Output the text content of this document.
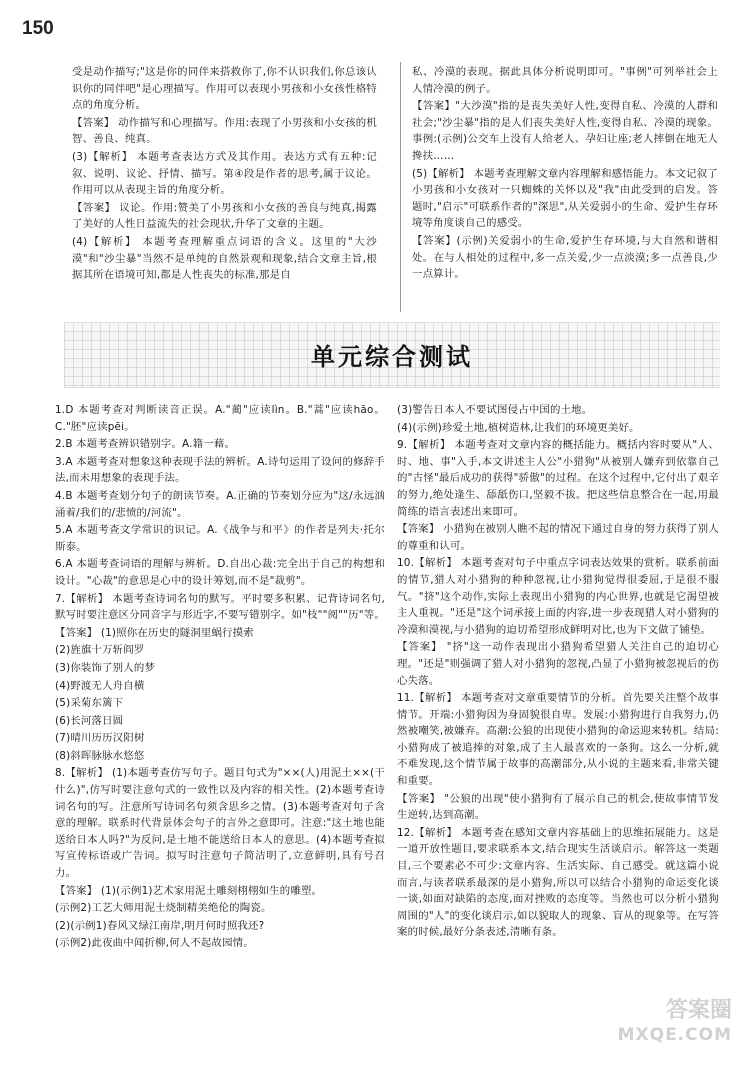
150

受是动作描写;"这是你的同伴来搭救你了,你不认识我们,你总该认识你的同伴吧"是心理描写。作用可以表现小男孩和小女孩性格特点的角度分析。

【答案】 动作描写和心理描写。作用:表现了小男孩和小女孩的机智、善良、纯真。

(3)【解析】 本题考查表达方式及其作用。表达方式有五种:记叙、说明、议论、抒情、描写。第④段是作者的思考,属于议论。作用可以从表现主旨的角度分析。

【答案】 议论。作用:赞美了小男孩和小女孩的善良与纯真,揭露了美好的人性日益流失的社会现状,升华了文章的主题。

(4)【解析】 本题考查理解重点词语的含义。这里的"大沙漠"和"沙尘暴"当然不是单纯的自然景观和现象,结合文章主旨,根据其所在语境可知,都是人性丧失的标准,那是自

私、冷漠的表现。据此具体分析说明即可。"事例"可列举社会上人情冷漠的例子。

【答案】"大沙漠"指的是丧失美好人性,变得自私、冷漠的人群和社会;"沙尘暴"指的是人们丧失美好人性,变得自私、冷漠的现象。事例:(示例)公交车上没有人给老人、孕妇让座;老人摔倒在地无人搀扶……

(5)【解析】 本题考查理解文章内容理解和感悟能力。本文记叙了小男孩和小女孩对一只蜘蛛的关怀以及"我"由此受到的启发。答题时,"启示"可联系作者的"深思",从关爱弱小的生命、爱护生存环境等角度谈自己的感受。

【答案】(示例)关爱弱小的生命,爱护生存环境,与大自然和谐相处。在与人相处的过程中,多一点关爱,少一点淡漠;多一点善良,少一点算计。

单元综合测试

1.D 本题考查对判断读音正误。A."蔺"应读lìn。B."蒿"应读hāo。C."胚"应读pēi。

2.B 本题考查辨识错别字。A.籍一藉。

3.A 本题考查对想象这种表现手法的辨析。A.诗句运用了设问的修辞手法,而未用想象的表现手法。

4.B 本题考查划分句子的朗读节奏。A.正确的节奏划分应为"这/永远汹涌着/我们的/悲愤的/河流"。

5.A 本题考查文学常识的识记。A.《战争与和平》的作者是列夫·托尔斯泰。

6.A 本题考查词语的理解与辨析。D.自出心裁:完全出于自己的构想和设计。"心裁"的意思是心中的设计筹划,而不是"裁剪"。

7.【解析】 本题考查诗词名句的默写。平时要多积累、记背诗词名句,默写时要注意区分同音字与形近字,不要写错别字。如"枝""阅""历"等。

【答案】 (1)照你在历史的隧洞里蜗行摸索

(2)旌旗十万斩阎罗

(3)你装饰了别人的梦

(4)野渡无人舟自横

(5)采菊东篱下

(6)长河落日圆

(7)晴川历历汉阳树

(8)斜晖脉脉水悠悠

8.【解析】 (1)本题考查仿写句子。题目句式为"××(人)用泥土××(干什么)",仿写时要注意句式的一致性以及内容的相关性。(2)本题考查诗词名句的写。注意所写诗词名句须含思乡之情。(3)本题考查对句子含意的理解。联系时代背景体会句子的言外之意即可。注意:"这土地也能送给日本人吗?"为反问,是土地不能送给日本人的意思。(4)本题考查拟写宣传标语或广告词。拟写时注意句子简洁明了,立意鲜明,具有号召力。

【答案】 (1)(示例1)艺术家用泥土雕刻栩栩如生的雕塑。

(示例2)工艺大师用泥土烧制精美绝伦的陶瓷。

(2)(示例1)春风又绿江南岸,明月何时照我还?

(示例2)此夜曲中闻折柳,何人不起故园情。

(3)警告日本人不要试图侵占中国的土地。

(4)(示例)珍爱土地,植树造林,让我们的环境更美好。

9.【解析】 本题考查对文章内容的概括能力。概括内容时要从"人、时、地、事"入手,本文讲述主人公"小猎狗"从被别人嫌弃到依靠自己的"古怪"最后成功的获得"骄傲"的过程。在这个过程中,它付出了艰辛的努力,绝处逢生、舔舐伤口,坚毅不拔。把这些信息整合在一起,用最简练的语言表述出来即可。

【答案】 小猎狗在被别人瞧不起的情况下通过自身的努力获得了别人的尊重和认可。

10.【解析】 本题考查对句子中重点字词表达效果的赏析。联系前面的情节,猎人对小猎狗的种种忽视,让小猎狗觉得很委屈,于是很不服气。"挤"这个动作,实际上表现出小猎狗的内心世界,也就是它渴望被主人重视。"还是"这个词承接上面的内容,进一步表现猎人对小猎狗的冷漠和漠视,与小猎狗的迫切希望形成鲜明对比,也为下文做了铺垫。

【答案】 "挤"这一动作表现出小猎狗希望猎人关注自己的迫切心理。"还是"则强调了猎人对小猎狗的忽视,凸显了小猎狗被忽视后的伤心失落。

11.【解析】 本题考查对文章重要情节的分析。首先要关注整个故事情节。开端:小猎狗因为身固貌很自卑。发展:小猎狗进行自我努力,仍然被嘲笑,被嫌弃。高潮:公狼的出现使小猎狗的命运迎来转机。结局:小猎狗成了被追捧的对象,成了主人最喜欢的一条狗。这么一分析,就不难发现,这个情节属于故事的高潮部分,从小说的主题来看,非常关键和重要。

【答案】 "公狼的出现"使小猎狗有了展示自己的机会,使故事情节发生逆转,达到高潮。

12.【解析】 本题考查在感知文章内容基础上的思维拓展能力。这是一道开放性题目,要求联系本文,结合现实生活谈启示。解答这一类题目,三个要素必不可少:文章内容、生活实际、自己感受。就这篇小说而言,与读者联系最深的是小猎狗,所以可以结合小猎狗的命运变化谈一谈,如面对缺陷的态度,面对挫败的态度等。当然也可以分析小猎狗周围的"人"的变化谈启示,如以貌取人的现象、盲从的现象等。在写答案的时候,最好分条表述,清晰有条。

答案圈
MXQE.COM
